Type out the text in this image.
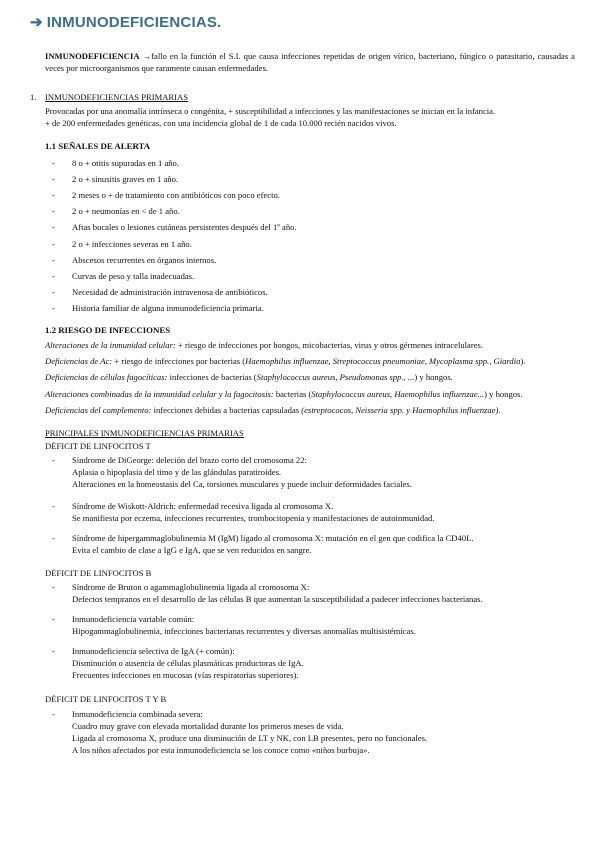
➔ INMUNODEFICIENCIAS.
INMUNODEFICIENCIA →fallo en la función el S.I. que causa infecciones repetidas de origen vírico, bacteriano, fúngico o parasitario, causadas a veces por microorganismos que raramente causan enfermedades.
1. INMUNODEFICIENCIAS PRIMARIAS
Provocadas por una anomalía intrínseca o congénita, + susceptibilidad a infecciones y las manifestaciones se inician en la infancia.
+ de 200 enfermedades genéticas, con una incidencia global de 1 de cada 10.000 recién nacidos vivos.
1.1 SEÑALES DE ALERTA
-	8 o + otitis supuradas en 1 año.
-	2 o + sinusitis graves en 1 año.
-	2 meses o + de tratamiento con antibióticos con poco efecto.
-	2 o + neumonías en < de 1 año.
-	Aftas bucales o lesiones cutáneas persistentes después del 1º año.
-	2 o + infecciones severas en 1 año.
-	Abscesos recurrentes en órganos internos.
-	Curvas de peso y talla inadecuadas.
-	Necesidad de administración intravenosa de antibióticos.
-	Historia familiar de alguna inmunodeficiencia primaria.
1.2 RIESGO DE INFECCIONES
Alteraciones de la inmunidad celular: + riesgo de infecciones por hongos, micobacterias, virus y otros gérmenes intracelulares.
Deficiencias de Ac: + riesgo de infecciones por bacterias (Haemophilus influenzae, Streptococcus pneumoniae, Mycoplasma spp., Giardia).
Deficiencias de células fagocíticas: infecciones de bacterias (Staphylococcus aureus, Pseudomonas spp., ...) y hongos.
Alteraciones combinadas de la inmunidad celular y la fagocitosis: bacterias (Staphylococcus aureus, Haemophilus influenzae...) y hongos.
Deficiencias del complemento: infecciones debidas a bacterias capsuladas (estreptococos, Neisseria spp. y Haemophilus influenzae).
PRINCIPALES INMUNODEFICIENCIAS PRIMARIAS
DÉFICIT DE LINFOCITOS T
-	Síndrome de DiGeorge: deleción del brazo corto del cromosoma 22:
Aplasia o hipoplasia del timo y de las glándulas paratiroides.
Alteraciones en la homeostasis del Ca, torsiones musculares y puede incluir deformidades faciales.
-	Síndrome de Wiskott-Aldrich: enfermedad recesiva ligada al cromosoma X.
Se manifiesta por eczema, infecciones recurrentes, trombocitopenia y manifestaciones de autoinmunidad.
-	Síndrome de hipergammaglobulinemia M (IgM) ligado al cromosoma X: mutación en el gen que codifica la CD40L.
Evita el cambio de clase a IgG e IgA, que se ven reducidos en sangre.
DÉFICIT DE LINFOCITOS B
-	Síndrome de Bruton o agammaglobulinemia ligada al cromosoma X:
Defectos tempranos en el desarrollo de las células B que aumentan la susceptibilidad a padecer infecciones bacterianas.
-	Inmunodeficiencia variable común:
Hipogammaglobulinemia, infecciones bacterianas recurrentes y diversas anomalías multisistémicas.
-	Inmunodeficiencia selectiva de IgA (+ común):
Disminución o ausencia de células plasmáticas productoras de IgA.
Frecuentes infecciones en mucosas (vías respiratorias superiores).
DÉFICIT DE LINFOCITOS T Y B
-	Inmunodeficiencia combinada severa:
Cuadro muy grave con elevada mortalidad durante los primeros meses de vida.
Ligada al cromosoma X, produce una disminución de LT y NK, con LB presentes, pero no funcionales.
A los niños afectados por esta inmunodeficiencia se los conoce como «niños burbuja».
